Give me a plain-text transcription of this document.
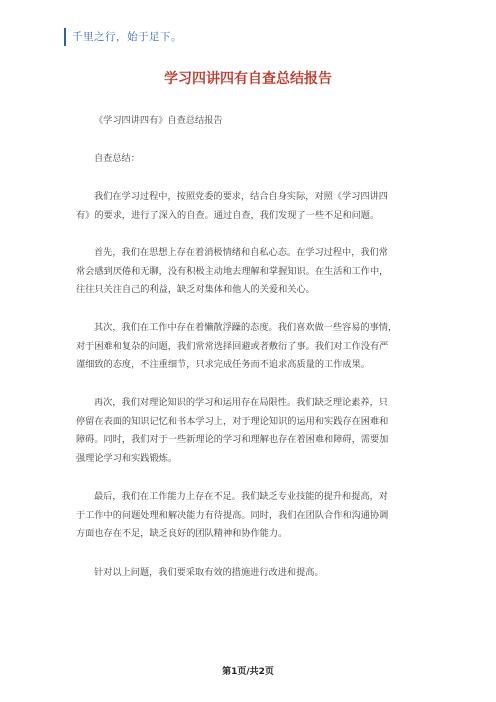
千里之行，始于足下。
学习四讲四有自查总结报告
《学习四讲四有》自查总结报告
自查总结：
我们在学习过程中，按照党委的要求，结合自身实际，对照《学习四讲四
有》的要求，进行了深入的自查。通过自查，我们发现了一些不足和问题。
首先，我们在思想上存在着消极情绪和自私心态。在学习过程中，我们常
常会感到厌倦和无聊，没有积极主动地去理解和掌握知识。在生活和工作中，
往往只关注自己的利益，缺乏对集体和他人的关爱和关心。
其次，我们在工作中存在着懒散浮躁的态度。我们喜欢做一些容易的事情，
对于困难和复杂的问题，我们常常选择回避或者敷衍了事。我们对工作没有严
谨细致的态度，不注重细节，只求完成任务而不追求高质量的工作成果。
再次，我们对理论知识的学习和运用存在局限性。我们缺乏理论素养，只
停留在表面的知识记忆和书本学习上，对于理论知识的运用和实践存在困难和
障碍。同时，我们对于一些新理论的学习和理解也存在着困难和障碍，需要加
强理论学习和实践锻炼。
最后，我们在工作能力上存在不足。我们缺乏专业技能的提升和提高，对
于工作中的问题处理和解决能力有待提高。同时，我们在团队合作和沟通协调
方面也存在不足，缺乏良好的团队精神和协作能力。
针对以上问题，我们要采取有效的措施进行改进和提高。
第1页/共2页
